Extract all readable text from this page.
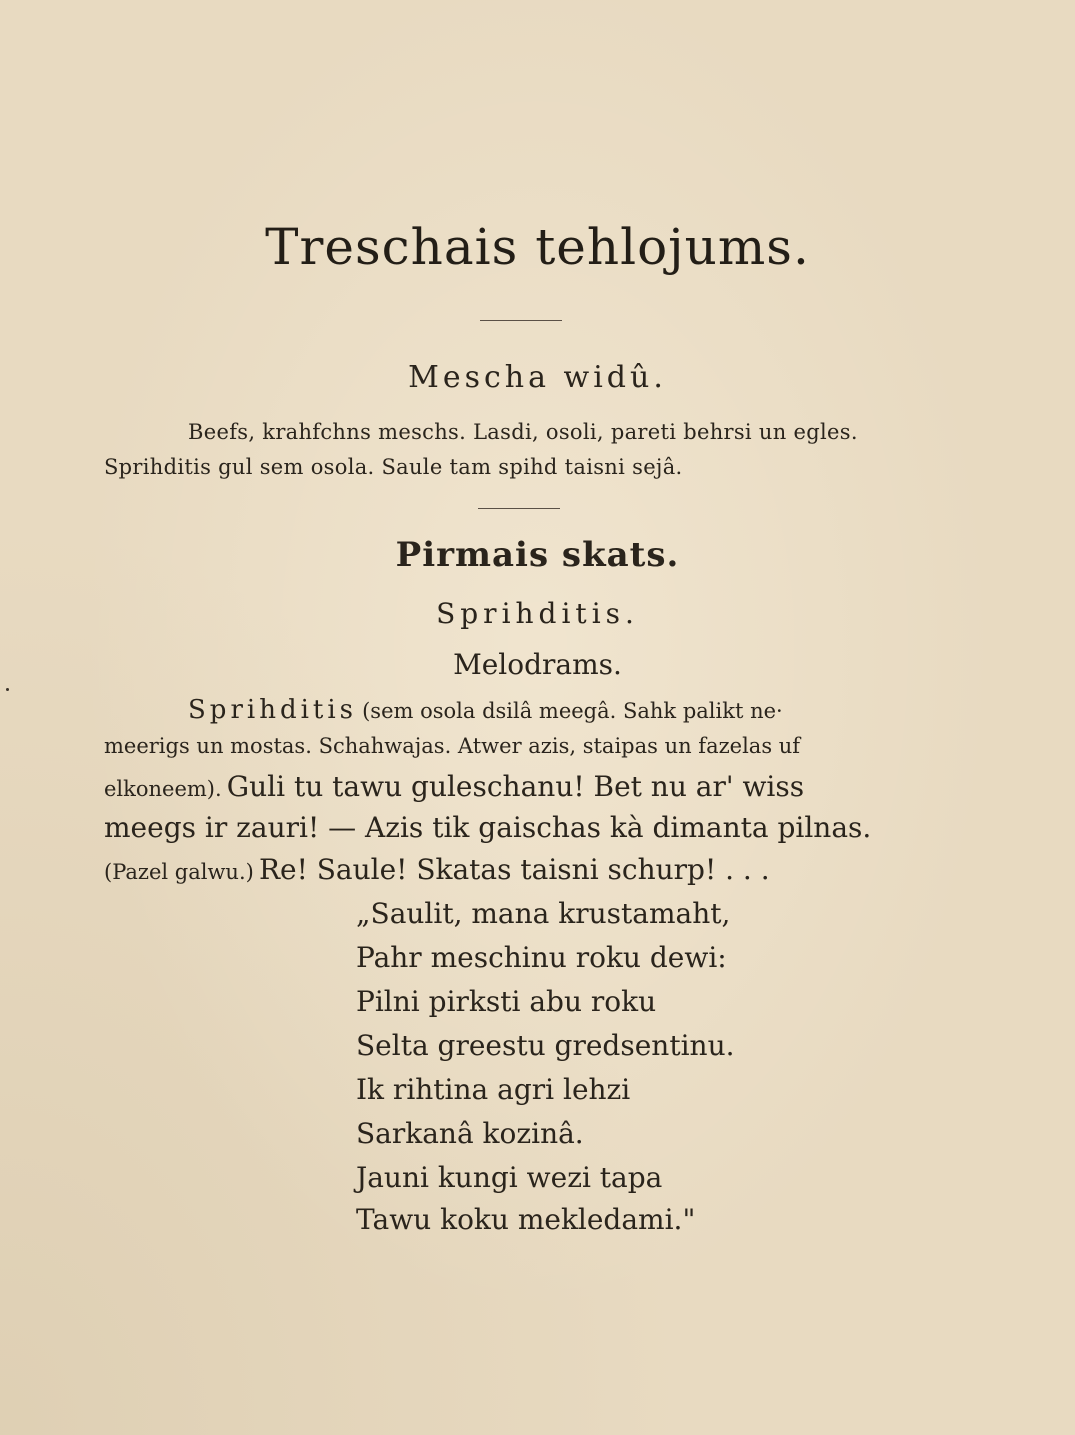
Treschais tehlojums.
Mescha widû.
Beefs, krahfchns meschs. Lasdi, osoli, pareti behrsi un egles.
Sprihditis gul sem osola. Saule tam spihd taisni sejâ.
Pirmais skats.
Sprihditis.
Melodrams.
Sprihditis (sem osola dsilâ meegâ. Sahk palikt ne·
meerigs un mostas. Schahwajas. Atwer azis, staipas un fazelas uf
elkoneem). Guli tu tawu guleschanu! Bet nu ar' wiss
meegs ir zauri! — Azis tik gaischas kà dimanta pilnas.
(Pazel galwu.) Re! Saule! Skatas taisni schurp! . . .
„Saulit, mana krustamaht,
Pahr meschinu roku dewi:
Pilni pirksti abu roku
Selta greestu gredsentinu.
Ik rihtina agri lehzi
Sarkanâ kozinâ.
Jauni kungi wezi tapa
Tawu koku mekledami."
